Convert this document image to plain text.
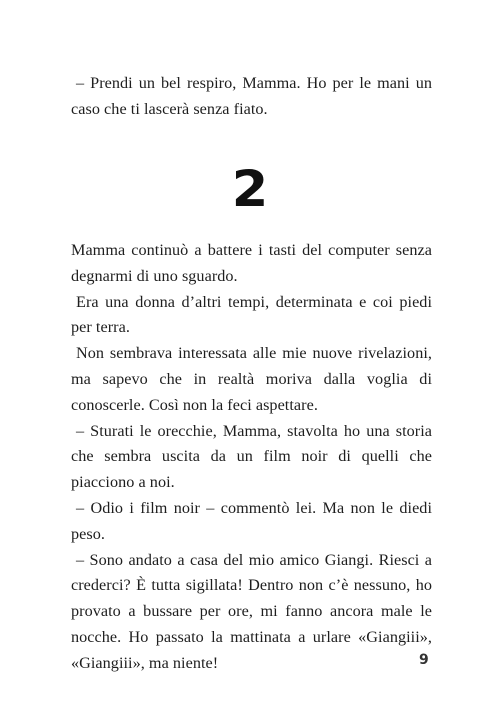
– Prendi un bel respiro, Mamma. Ho per le mani un caso che ti lascerà senza fiato.

2

Mamma continuò a battere i tasti del computer senza degnarmi di uno sguardo.

Era una donna d’altri tempi, determinata e coi piedi per terra.

Non sembrava interessata alle mie nuove rivelazioni, ma sapevo che in realtà moriva dalla voglia di conoscerle. Così non la feci aspettare.

– Sturati le orecchie, Mamma, stavolta ho una storia che sembra uscita da un film noir di quelli che piacciono a noi.

– Odio i film noir – commentò lei. Ma non le diedi peso.

– Sono andato a casa del mio amico Giangi. Riesci a crederci? È tutta sigillata! Dentro non c’è nessuno, ho provato a bussare per ore, mi fanno ancora male le nocche. Ho passato la mattinata a urlare «Giangiii», «Giangiii», ma niente!	9
